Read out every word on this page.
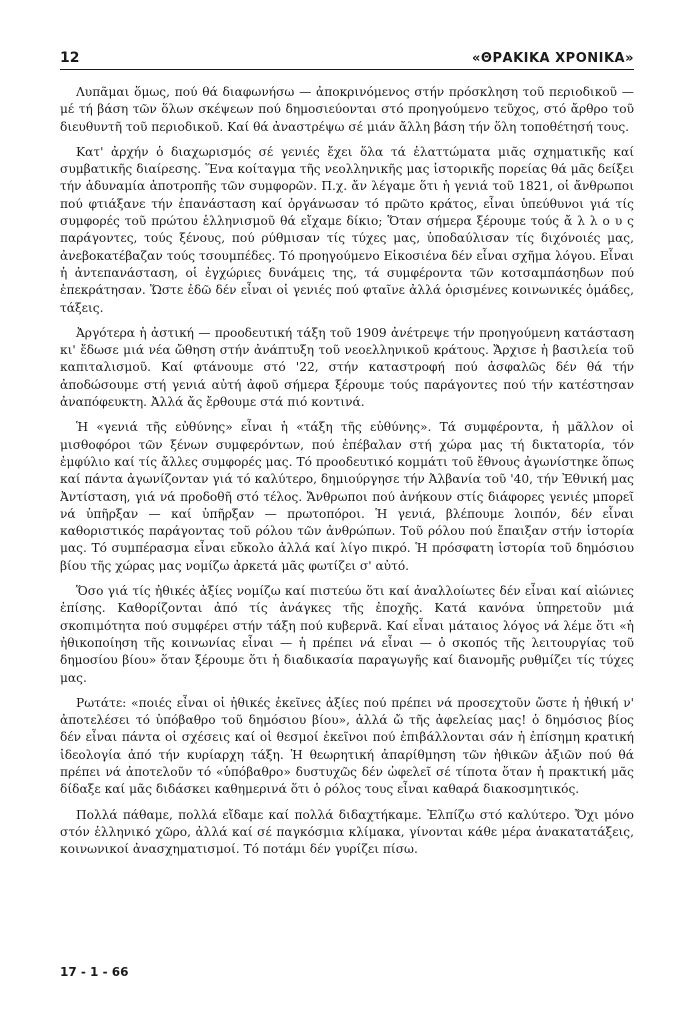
12	«ΘΡΑΚΙΚΑ ΧΡΟΝΙΚΑ»

Λυπᾶμαι ὅμως, πού θά διαφωνήσω — ἀποκρινόμενος στήν πρόσκληση τοῦ περιοδικοῦ — μέ τή βάση τῶν ὅλων σκέψεων πού δημοσιεύονται στό προηγούμενο τεῦχος, στό ἄρθρο τοῦ διευθυντῆ τοῦ περιοδικοῦ. Καί θά ἀναστρέψω σέ μιάν ἄλλη βάση τήν ὅλη τοποθέτησή τους.

Κατ' ἀρχήν ὁ διαχωρισμός σέ γενιές ἔχει ὅλα τά ἐλαττώματα μιᾶς σχηματικῆς καί συμβατικῆς διαίρεσης. Ἕνα κοίταγμα τῆς νεολληνικῆς μας ἱστορικῆς πορείας θά μᾶς δείξει τήν ἀδυναμία ἀποτροπῆς τῶν συμφορῶν. Π.χ. ἄν λέγαμε ὅτι ἡ γενιά τοῦ 1821, οἱ ἄνθρωποι πού φτιάξανε τήν ἐπανάσταση καί ὀργάνωσαν τό πρῶτο κράτος, εἶναι ὑπεύθυνοι γιά τίς συμφορές τοῦ πρώτου ἑλληνισμοῦ θά εἴχαμε δίκιο; Ὅταν σήμερα ξέρουμε τούς ἄ λ λ ο υ ς παράγοντες, τούς ξένους, πού ρύθμισαν τίς τύχες μας, ὑποδαύλισαν τίς διχόνοιές μας, ἀνεβοκατέβαζαν τούς τσουμπέδες. Τό προηγούμενο Εἰκοσιένα δέν εἶναι σχῆμα λόγου. Εἶναι ἡ ἀντεπανάσταση, οἱ ἐγχώριες δυνάμεις της, τά συμφέροντα τῶν κοτσαμπάσηδων πού ἐπεκράτησαν. Ὥστε ἐδῶ δέν εἶναι οἱ γενιές πού φταῖνε ἀλλά ὁρισμένες κοινωνικές ὁμάδες, τάξεις.

Ἀργότερα ἡ ἀστική — προοδευτική τάξη τοῦ 1909 ἀνέτρεψε τήν προηγούμενη κατάσταση κι' ἔδωσε μιά νέα ὤθηση στήν ἀνάπτυξη τοῦ νεοελληνικοῦ κράτους. Ἄρχισε ἡ βασιλεία τοῦ καπιταλισμοῦ. Καί φτάνουμε στό '22, στήν καταστροφή πού ἀσφαλῶς δέν θά τήν ἀποδώσουμε στή γενιά αὐτή ἀφοῦ σήμερα ξέρουμε τούς παράγοντες πού τήν κατέστησαν ἀναπόφευκτη. Ἀλλά ἄς ἔρθουμε στά πιό κοντινά.

Ἡ «γενιά τῆς εὐθύνης» εἶναι ἡ «τάξη τῆς εὐθύνης». Τά συμφέροντα, ἡ μᾶλλον οἱ μισθοφόροι τῶν ξένων συμφερόντων, πού ἐπέβαλαν στή χώρα μας τή δικτατορία, τόν ἐμφύλιο καί τίς ἄλλες συμφορές μας. Τό προοδευτικό κομμάτι τοῦ ἔθνους ἀγωνίστηκε ὅπως καί πάντα ἀγωνίζονταν γιά τό καλύτερο, δημιούργησε τήν Ἀλβανία τοῦ '40, τήν Ἐθνική μας Ἀντίσταση, γιά νά προδοθῆ στό τέλος. Ἄνθρωποι πού ἀνήκουν στίς διάφορες γενιές μπορεῖ νά ὑπῆρξαν — καί ὑπῆρξαν — πρωτοπόροι. Ἡ γενιά, βλέπουμε λοιπόν, δέν εἶναι καθοριστικός παράγοντας τοῦ ρόλου τῶν ἀνθρώπων. Τοῦ ρόλου πού ἔπαιξαν στήν ἱστορία μας. Τό συμπέρασμα εἶναι εὔκολο ἀλλά καί λίγο πικρό. Ἡ πρόσφατη ἱστορία τοῦ δημόσιου βίου τῆς χώρας μας νομίζω ἀρκετά μᾶς φωτίζει σ' αὐτό.

Ὅσο γιά τίς ἠθικές ἀξίες νομίζω καί πιστεύω ὅτι καί ἀναλλοίωτες δέν εἶναι καί αἰώνιες ἐπίσης. Καθορίζονται ἀπό τίς ἀνάγκες τῆς ἐποχῆς. Κατά κανόνα ὑπηρετοῦν μιά σκοπιμότητα πού συμφέρει στήν τάξη πού κυβερνᾶ. Καί εἶναι μάταιος λόγος νά λέμε ὅτι «ἡ ἠθικοποίηση τῆς κοινωνίας εἶναι — ἡ πρέπει νά εἶναι — ὁ σκοπός τῆς λειτουργίας τοῦ δημοσίου βίου» ὅταν ξέρουμε ὅτι ἡ διαδικασία παραγωγῆς καί διανομῆς ρυθμίζει τίς τύχες μας.

Ρωτάτε: «ποιές εἶναι οἱ ἠθικές ἐκεῖνες ἀξίες πού πρέπει νά προσεχτοῦν ὥστε ἡ ἠθική ν' ἀποτελέσει τό ὑπόβαθρο τοῦ δημόσιου βίου», ἀλλά ὤ τῆς ἀφελείας μας! ὁ δημόσιος βίος δέν εἶναι πάντα οἱ σχέσεις καί οἱ θεσμοί ἐκεῖνοι πού ἐπιβάλλονται σάν ἡ ἐπίσημη κρατική ἰδεολογία ἀπό τήν κυρίαρχη τάξη. Ἡ θεωρητική ἀπαρίθμηση τῶν ἠθικῶν ἀξιῶν πού θά πρέπει νά ἀποτελοῦν τό «ὑπόβαθρο» δυστυχῶς δέν ὠφελεῖ σέ τίποτα ὅταν ἡ πρακτική μᾶς δίδαξε καί μᾶς διδάσκει καθημερινά ὅτι ὁ ρόλος τους εἶναι καθαρά διακοσμητικός.

Πολλά πάθαμε, πολλά εἴδαμε καί πολλά διδαχτήκαμε. Ἐλπίζω στό καλύτερο. Ὄχι μόνο στόν ἑλληνικό χῶρο, ἀλλά καί σέ παγκόσμια κλίμακα, γίνονται κάθε μέρα ἀνακατατάξεις, κοινωνικοί ἀνασχηματισμοί. Τό ποτάμι δέν γυρίζει πίσω.

17 - 1 - 66
